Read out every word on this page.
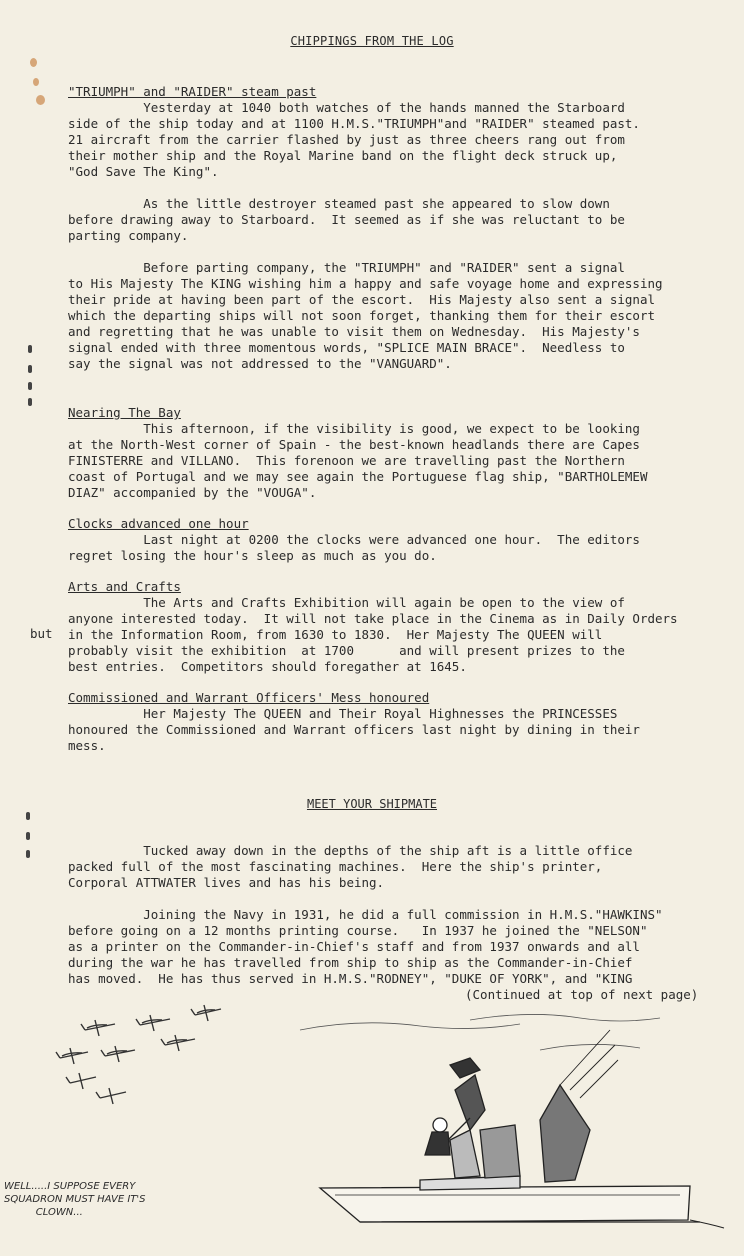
CHIPPINGS FROM THE LOG

"TRIUMPH" and "RAIDER" steam past

Yesterday at 1040 both watches of the hands manned the Starboard
side of the ship today and at 1100 H.M.S."TRIUMPH"and "RAIDER" steamed past.
21 aircraft from the carrier flashed by just as three cheers rang out from
their mother ship and the Royal Marine band on the flight deck struck up,
"God Save The King".

As the little destroyer steamed past she appeared to slow down
before drawing away to Starboard.  It seemed as if she was reluctant to be
parting company.

Before parting company, the "TRIUMPH" and "RAIDER" sent a signal
to His Majesty The KING wishing him a happy and safe voyage home and expressing
their pride at having been part of the escort.  His Majesty also sent a signal
which the departing ships will not soon forget, thanking them for their escort
and regretting that he was unable to visit them on Wednesday.  His Majesty's
signal ended with three momentous words, "SPLICE MAIN BRACE".  Needless to
say the signal was not addressed to the "VANGUARD".

Nearing The Bay

This afternoon, if the visibility is good, we expect to be looking
at the North-West corner of Spain - the best-known headlands there are Capes
FINISTERRE and VILLANO.  This forenoon we are travelling past the Northern
coast of Portugal and we may see again the Portuguese flag ship, "BARTHOLEMEW
DIAZ" accompanied by the "VOUGA".

Clocks advanced one hour

Last night at 0200 the clocks were advanced one hour.  The editors
regret losing the hour's sleep as much as you do.

Arts and Crafts

The Arts and Crafts Exhibition will again be open to the view of
anyone interested today.  It will not take place in the Cinema as in Daily Orders
in the Information Room, from 1630 to 1830.  Her Majesty The QUEEN will
probably visit the exhibition  at 1700      and will present prizes to the
best entries.  Competitors should foregather at 1645.

but

Commissioned and Warrant Officers' Mess honoured

Her Majesty The QUEEN and Their Royal Highnesses the PRINCESSES
honoured the Commissioned and Warrant officers last night by dining in their
mess.

MEET YOUR SHIPMATE

Tucked away down in the depths of the ship aft is a little office
packed full of the most fascinating machines.  Here the ship's printer,
Corporal ATTWATER lives and has his being.

Joining the Navy in 1931, he did a full commission in H.M.S."HAWKINS"
before going on a 12 months printing course.   In 1937 he joined the "NELSON"
as a printer on the Commander-in-Chief's staff and from 1937 onwards and all
during the war he has travelled from ship to ship as the Commander-in-Chief
has moved.  He has thus served in H.M.S."RODNEY", "DUKE OF YORK", and "KING

(Continued at top of next page)
WELL.....I SUPPOSE EVERY
SQUADRON MUST HAVE IT'S
CLOWN...
